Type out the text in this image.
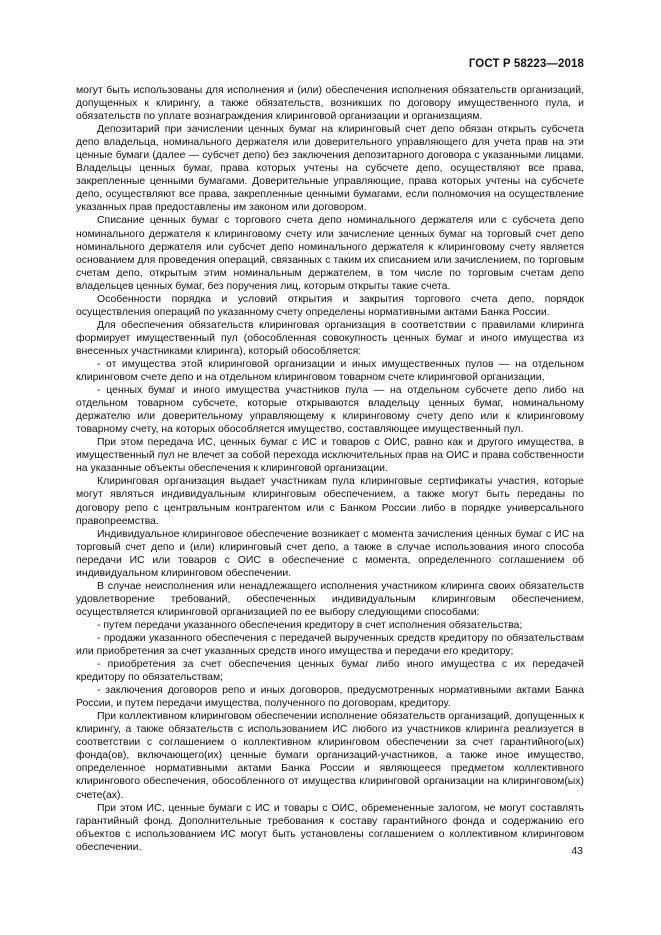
ГОСТ Р 58223—2018

могут быть использованы для исполнения и (или) обеспечения исполнения обязательств организаций, допущенных к клирингу, а также обязательств, возникших по договору имущественного пула, и обязательств по уплате вознаграждения клиринговой организации и организациям.

Депозитарий при зачислении ценных бумаг на клиринговый счет депо обязан открыть субсчета депо владельца, номинального держателя или доверительного управляющего для учета прав на эти ценные бумаги (далее — субсчет депо) без заключения депозитарного договора с указанными лицами. Владельцы ценных бумаг, права которых учтены на субсчете депо, осуществляют все права, закрепленные ценными бумагами. Доверительные управляющие, права которых учтены на субсчете депо, осуществляют все права, закрепленные ценными бумагами, если полномочия на осуществление указанных прав предоставлены им законом или договором.

Списание ценных бумаг с торгового счета депо номинального держателя или с субсчета депо номинального держателя к клиринговому счету или зачисление ценных бумаг на торговый счет депо номинального держателя или субсчет депо номинального держателя к клиринговому счету является основанием для проведения операций, связанных с таким их списанием или зачислением, по торговым счетам депо, открытым этим номинальным держателем, в том числе по торговым счетам депо владельцев ценных бумаг, без поручения лиц, которым открыты такие счета.

Особенности порядка и условий открытия и закрытия торгового счета депо, порядок осуществления операций по указанному счету определены нормативными актами Банка России.

Для обеспечения обязательств клиринговая организация в соответствии с правилами клиринга формирует имущественный пул (обособленная совокупность ценных бумаг и иного имущества из внесенных участниками клиринга), который обособляется:

- от имущества этой клиринговой организации и иных имущественных пулов — на отдельном клиринговом счете депо и на отдельном клиринговом товарном счете клиринговой организации,

- ценных бумаг и иного имущества участников пула — на отдельном субсчете депо либо на отдельном товарном субсчете, которые открываются владельцу ценных бумаг, номинальному держателю или доверительному управляющему к клиринговому счету депо или к клиринговому товарному счету, на которых обособляется имущество, составляющее имущественный пул.

При этом передача ИС, ценных бумаг с ИС и товаров с ОИС, равно как и другого имущества, в имущественный пул не влечет за собой перехода исключительных прав на ОИС и права собственности на указанные объекты обеспечения к клиринговой организации.

Клиринговая организация выдает участникам пула клиринговые сертификаты участия, которые могут являться индивидуальным клиринговым обеспечением, а также могут быть переданы по договору репо с центральным контрагентом или с Банком России либо в порядке универсального правопреемства.

Индивидуальное клиринговое обеспечение возникает с момента зачисления ценных бумаг с ИС на торговый счет депо и (или) клиринговый счет депо, а также в случае использования иного способа передачи ИС или товаров с ОИС в обеспечение с момента, определенного соглашением об индивидуальном клиринговом обеспечении.

В случае неисполнения или ненадлежащего исполнения участником клиринга своих обязательств удовлетворение требований, обеспеченных индивидуальным клиринговым обеспечением, осуществляется клиринговой организацией по ее выбору следующими способами:

- путем передачи указанного обеспечения кредитору в счет исполнения обязательства;

- продажи указанного обеспечения с передачей вырученных средств кредитору по обязательствам или приобретения за счет указанных средств иного имущества и передачи его кредитору;

- приобретения за счет обеспечения ценных бумаг либо иного имущества с их передачей кредитору по обязательствам;

- заключения договоров репо и иных договоров, предусмотренных нормативными актами Банка России, и путем передачи имущества, полученного по договорам, кредитору.

При коллективном клиринговом обеспечении исполнение обязательств организаций, допущенных к клирингу, а также обязательств с использованием ИС любого из участников клиринга реализуется в соответствии с соглашением о коллективном клиринговом обеспечении за счет гарантийного(ых) фонда(ов), включающего(их) ценные бумаги организаций-участников, а также иное имущество, определенное нормативными актами Банка России и являющееся предметом коллективного клирингового обеспечения, обособленного от имущества клиринговой организации на клиринговом(ых) счете(ах).

При этом ИС, ценные бумаги с ИС и товары с ОИС, обремененные залогом, не могут составлять гарантийный фонд. Дополнительные требования к составу гарантийного фонда и содержанию его объектов с использованием ИС могут быть установлены соглашением о коллективном клиринговом обеспечении.	43
